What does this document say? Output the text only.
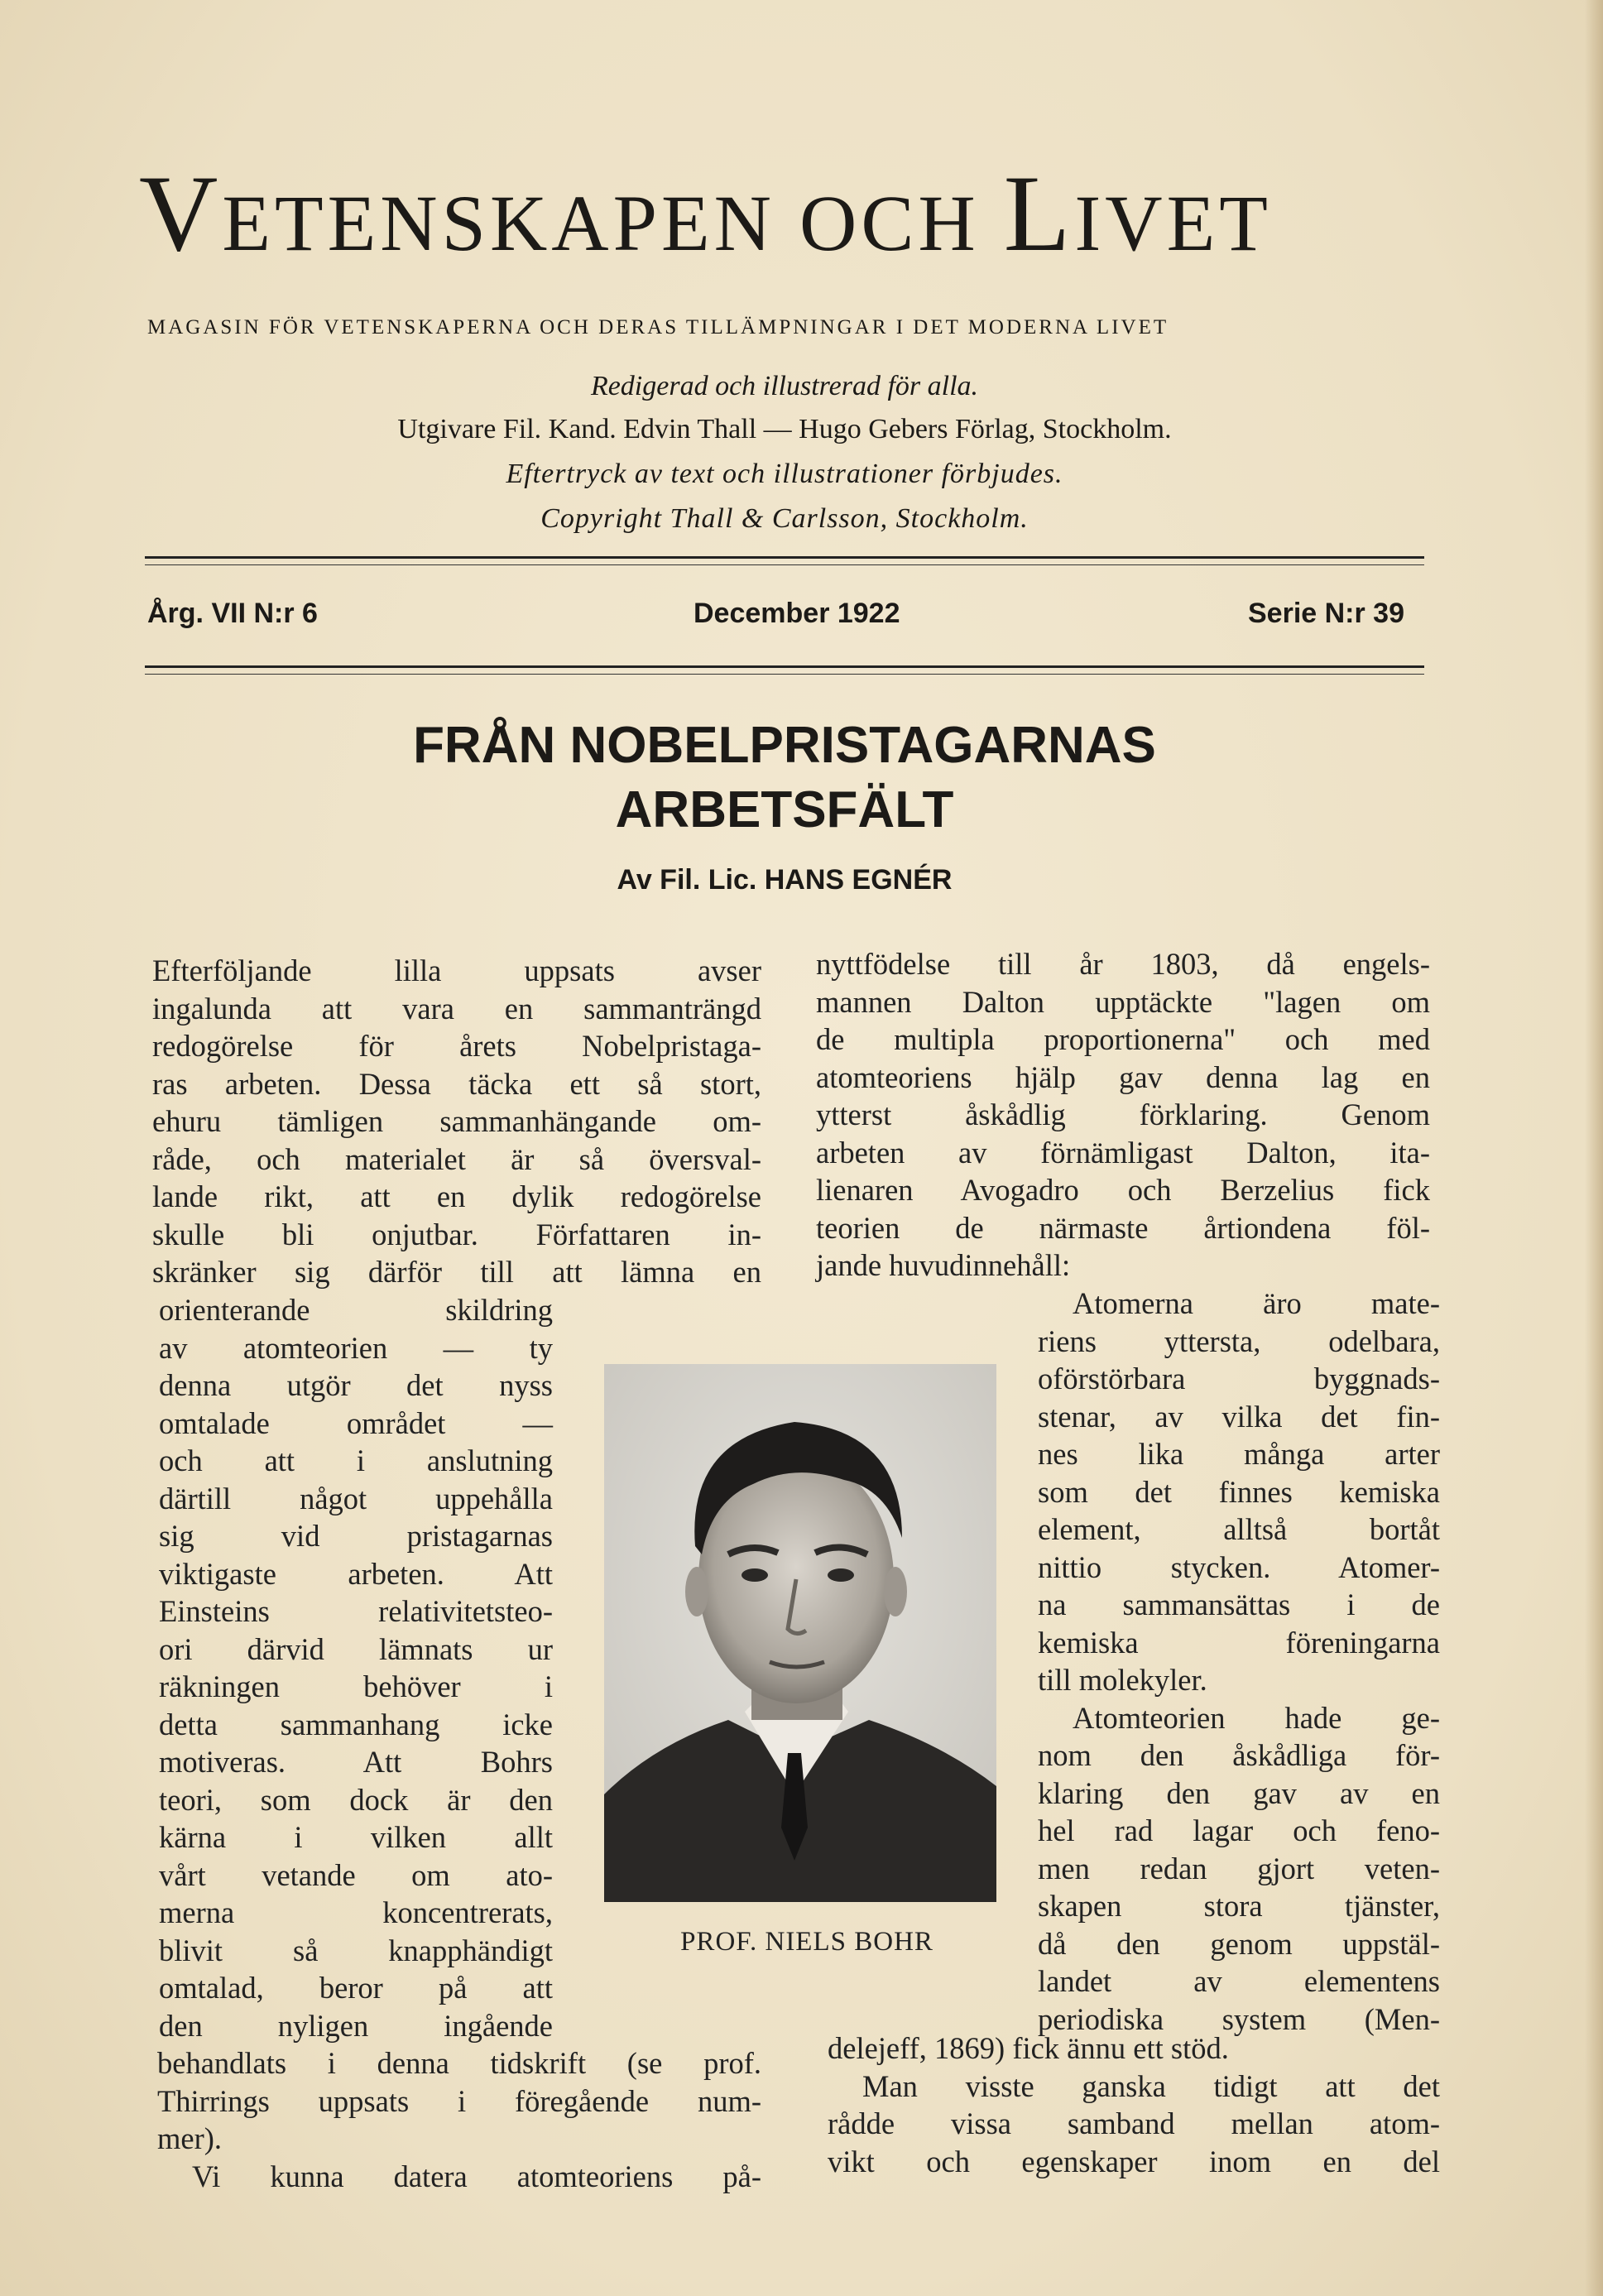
VETENSKAPEN OCH LIVET
MAGASIN FÖR VETENSKAPERNA OCH DERAS TILLÄMPNINGAR I DET MODERNA LIVET
Redigerad och illustrerad för alla.
Utgivare Fil. Kand. Edvin Thall — Hugo Gebers Förlag, Stockholm.
Eftertryck av text och illustrationer förbjudes.
Copyright Thall & Carlsson, Stockholm.
Årg. VII N:r 6	December 1922	Serie N:r 39
FRÅN NOBELPRISTAGARNAS
ARBETSFÄLT
Av Fil. Lic. HANS EGNÉR

Efterföljande lilla uppsats avser

ingalunda att vara en sammanträngd

redogörelse för årets Nobelpristaga-

ras arbeten. Dessa täcka ett så stort,

ehuru tämligen sammanhängande om-

råde, och materialet är så översval-

lande rikt, att en dylik redogörelse

skulle bli onjutbar. Författaren in-

skränker sig därför till att lämna en

orienterande skildring

av atomteorien — ty

denna utgör det nyss

omtalade området —

och att i anslutning

därtill något uppehålla

sig vid pristagarnas

viktigaste arbeten. Att

Einsteins relativitetsteo-

ori därvid lämnats ur

räkningen behöver i

detta sammanhang icke

motiveras. Att Bohrs

teori, som dock är den

kärna i vilken allt

vårt vetande om ato-

merna koncentrerats,

blivit så knapphändigt

omtalad, beror på att

den nyligen ingående

behandlats i denna tidskrift (se prof.

Thirrings uppsats i föregående num-

mer).

Vi kunna datera atomteoriens på-

PROF. NIELS BOHR

nyttfödelse till år 1803, då engels-

mannen Dalton upptäckte "lagen om

de multipla proportionerna" och med

atomteoriens hjälp gav denna lag en

ytterst åskådlig förklaring. Genom

arbeten av förnämligast Dalton, ita-

lienaren Avogadro och Berzelius fick

teorien de närmaste årtiondena föl-

jande huvudinnehåll:

Atomerna äro mate-

riens yttersta, odelbara,

oförstörbara byggnads-

stenar, av vilka det fin-

nes lika många arter

som det finnes kemiska

element, alltså bortåt

nittio stycken. Atomer-

na sammansättas i de

kemiska föreningarna

till molekyler.

Atomteorien hade ge-

nom den åskådliga för-

klaring den gav av en

hel rad lagar och feno-

men redan gjort veten-

skapen stora tjänster,

då den genom uppstäl-

landet av elementens

periodiska system (Men-

delejeff, 1869) fick ännu ett stöd.

Man visste ganska tidigt att det

rådde vissa samband mellan atom-

vikt och egenskaper inom en del
